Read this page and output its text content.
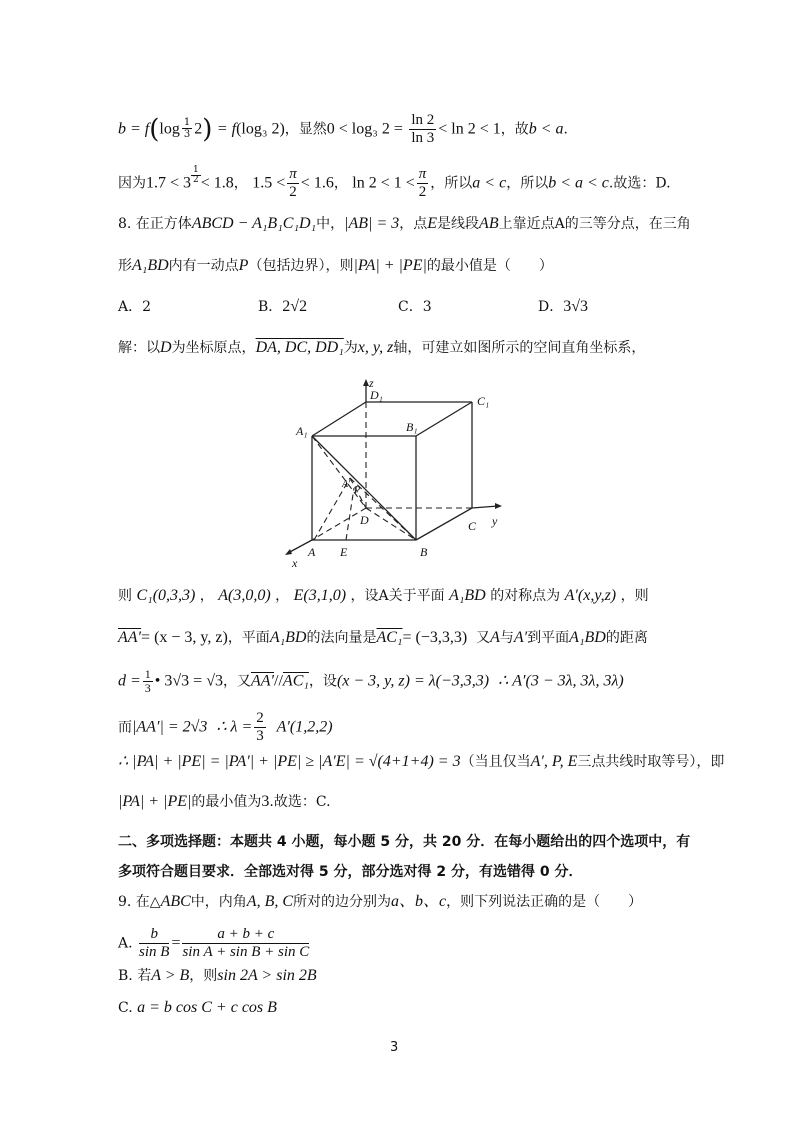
$b = f(\log \frac{1}{3} 2) = f(\log_3$ 2)，显然0 < log₃ $2 = \frac{\ln 2}{\ln 3} < \ln 2 < 1$，故b < a.
因为$1.7 < 3 \frac{1}{2} < 1.8$， $1.5 < \frac{\pi}{2} < 1.6$， $\ln 2 < 1 < \frac{\pi}{2}$ ，所以a < c，所以b < a < c.故选：D.
8. 在正方体ABCD − A₁B₁C₁D₁中，|AB| = 3，点E是线段AB上靠近点A的三等分点，在三角
形A₁BD内有一动点P（包括边界），则|PA| + |PE|的最小值是（　　）
A．2	B．2√2	C．3	D．3√3
解：以D为坐标原点，DA, DC, DD₁为x, y, z轴，可建立如图所示的空间直角坐标系，
z
D₁	C₁
A₁	B₁
A'
P
D	C y
A E	B
x
则 C₁(0,3,3) ， A(3,0,0) ， E(3,1,0) ，设A关于平面 A₁BD 的对称点为 A′(x,y,z) ，则
AA′= (x − 3, y, z)，平面A₁BD的法向量是AC₁= (−3,3,3) 又A与A′到平面A₁BD的距离
$d = \frac{1}{3}$ • 3√3 = √3，又AA′//AC₁，设(x − 3, y, z) = λ(−3,3,3) ∴ A′(3 − 3λ, 3λ, 3λ)
而|AA′| = 2√3 ∴ $\lambda = \frac{2}{3} A'(1,2,2)$
∴ |PA| + |PE| = |PA′| + |PE| ≥ |A′E| = √(4+1+4) = 3（当且仅当A′, P, E三点共线时取等号），即
|PA| + |PE|的最小值为3.故选：C.
二、多项选择题：本题共 4 小题，每小题 5 分，共 20 分．在每小题给出的四个选项中，有
多项符合题目要求．全部选对得 5 分，部分选对得 2 分，有选错得 0 分．
9. 在△ABC中，内角A, B, C所对的边分别为a、b、c，则下列说法正确的是（　　）
A. $\frac{b}{\text{sin B}} = \frac{a + b + c}{\text{sin A + sin B + sin C}}$
B. 若A > B，则sin 2A > sin 2B
C. a = b cos C + c cos B
3
